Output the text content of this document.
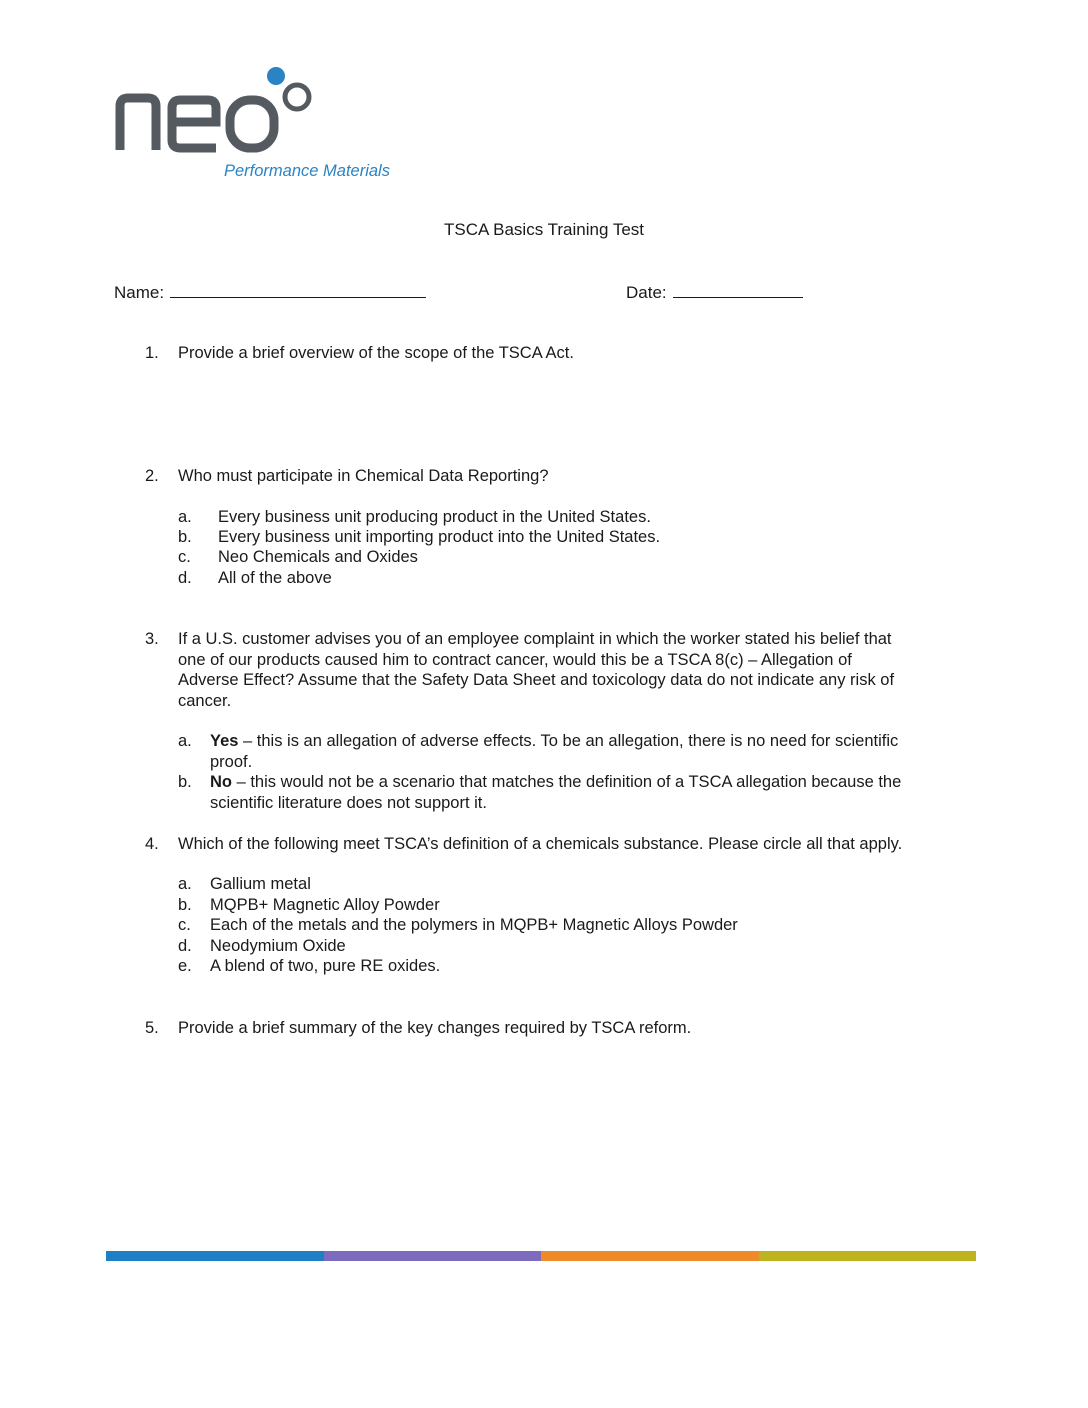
Performance Materials
TSCA Basics Training Test
Name:	Date:
1.	Provide a brief overview of the scope of the TSCA Act.
2.	Who must participate in Chemical Data Reporting?
a. Every business unit producing product in the United States.
b. Every business unit importing product into the United States.
c. Neo Chemicals and Oxides
d. All of the above
3.	If a U.S. customer advises you of an employee complaint in which the worker stated his belief that
one of our products caused him to contract cancer, would this be a TSCA 8(c) – Allegation of
Adverse Effect? Assume that the Safety Data Sheet and toxicology data do not indicate any risk of
cancer.
a. Yes – this is an allegation of adverse effects. To be an allegation, there is no need for scientific
proof.
b. No – this would not be a scenario that matches the definition of a TSCA allegation because the
scientific literature does not support it.
4.	Which of the following meet TSCA’s definition of a chemicals substance. Please circle all that apply.
a. Gallium metal
b. MQPB+ Magnetic Alloy Powder
c. Each of the metals and the polymers in MQPB+ Magnetic Alloys Powder
d. Neodymium Oxide
e. A blend of two, pure RE oxides.
5.	Provide a brief summary of the key changes required by TSCA reform.
